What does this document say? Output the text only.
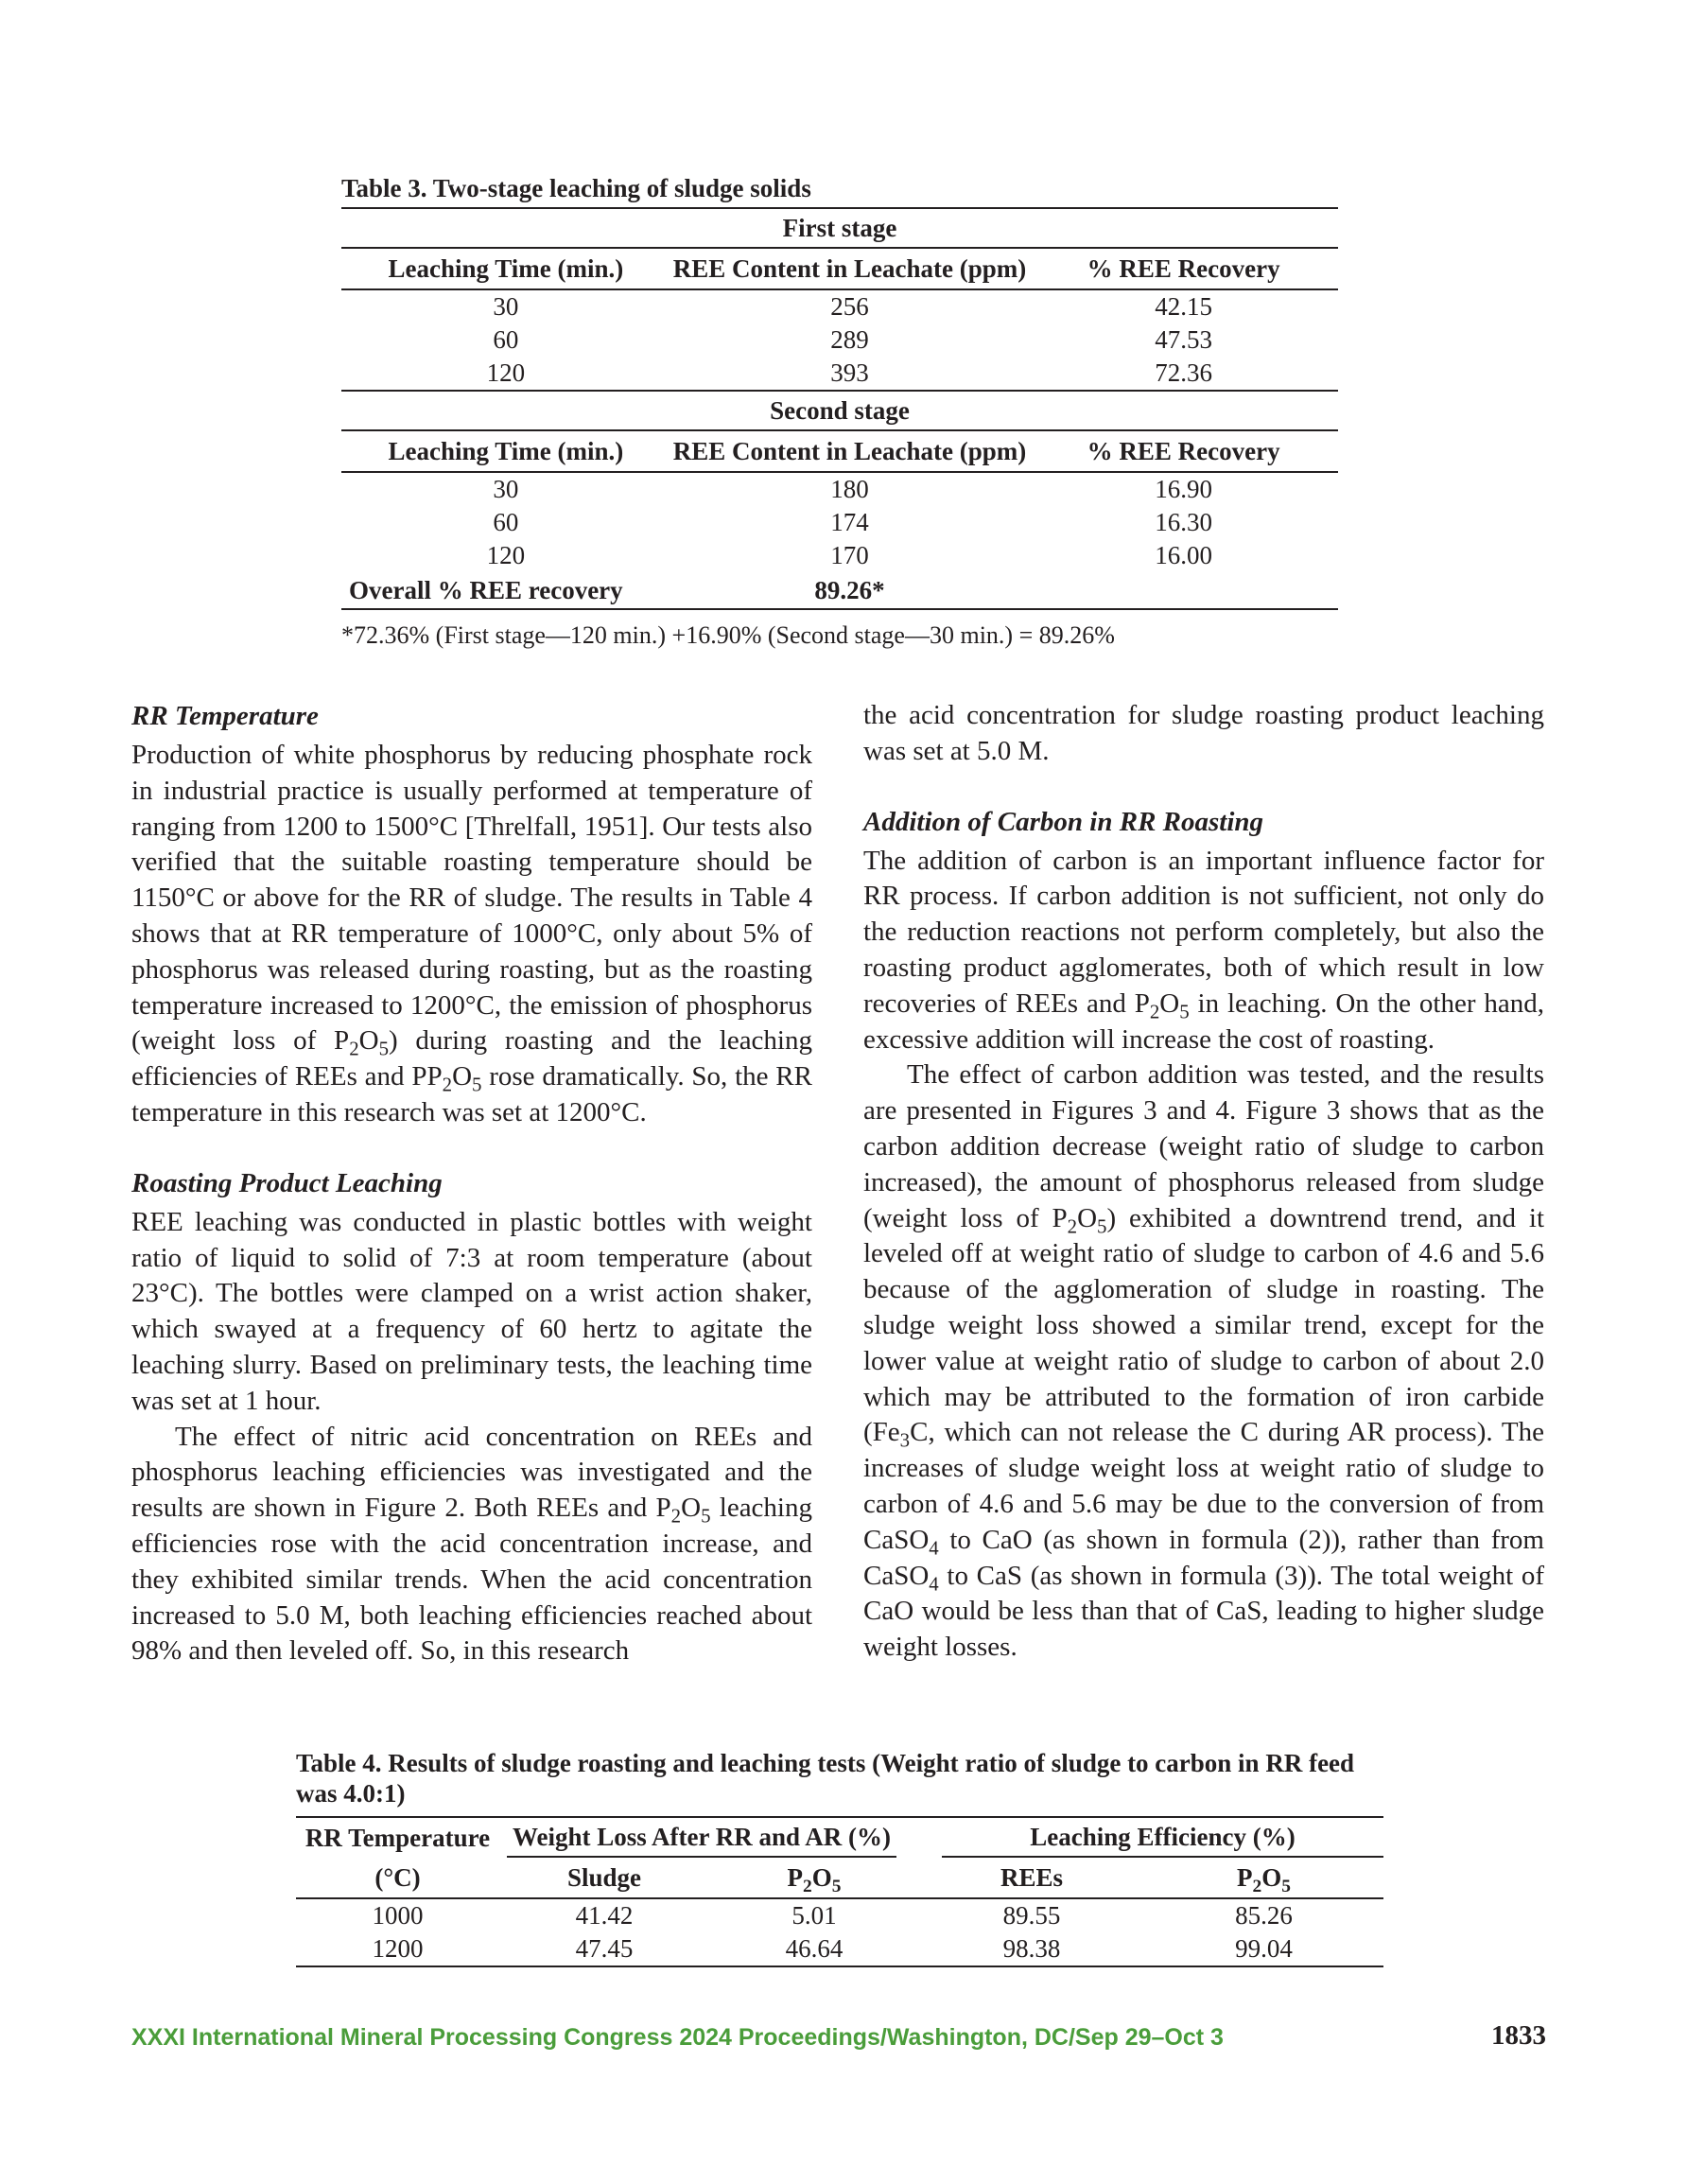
Table 3. Two-stage leaching of sludge solids
First stage		
Leaching Time (min.)	REE Content in Leachate (ppm)	% REE Recovery
30	256	42.15
60	289	47.53
120	393	72.36
Second stage		
Leaching Time (min.)	REE Content in Leachate (ppm)	% REE Recovery
30	180	16.90
60	174	16.30
120	170	16.00
Overall % REE recovery	89.26*	
*72.36% (First stage—120 min.) +16.90% (Second stage—30 min.) = 89.26%
RR Temperature

Production of white phosphorus by reducing phosphate rock in industrial practice is usually performed at temperature of ranging from 1200 to 1500°C [Threlfall, 1951]. Our tests also verified that the suitable roasting temperature should be 1150°C or above for the RR of sludge. The results in Table 4 shows that at RR temperature of 1000°C, only about 5% of phosphorus was released during roasting, but as the roasting temperature increased to 1200°C, the emission of phosphorus (weight loss of $P_2O_5$) during roasting and the leaching efficiencies of REEs and $PP_2O_5$ rose dramatically. So, the RR temperature in this research was set at 1200°C.

Roasting Product Leaching

REE leaching was conducted in plastic bottles with weight ratio of liquid to solid of 7:3 at room temperature (about 23°C). The bottles were clamped on a wrist action shaker, which swayed at a frequency of 60 hertz to agitate the leaching slurry. Based on preliminary tests, the leaching time was set at 1 hour.

The effect of nitric acid concentration on REEs and phosphorus leaching efficiencies was investigated and the results are shown in Figure 2. Both REEs and $P_2O_5$ leaching efficiencies rose with the acid concentration increase, and they exhibited similar trends. When the acid concentration increased to 5.0 M, both leaching efficiencies reached about 98% and then leveled off. So, in this research

the acid concentration for sludge roasting product leaching was set at 5.0 M.

Addition of Carbon in RR Roasting

The addition of carbon is an important influence factor for RR process. If carbon addition is not sufficient, not only do the reduction reactions not perform completely, but also the roasting product agglomerates, both of which result in low recoveries of REEs and $P_2O_5$ in leaching. On the other hand, excessive addition will increase the cost of roasting.

The effect of carbon addition was tested, and the results are presented in Figures 3 and 4. Figure 3 shows that as the carbon addition decrease (weight ratio of sludge to carbon increased), the amount of phosphorus released from sludge (weight loss of $P_2O_5$) exhibited a downtrend trend, and it leveled off at weight ratio of sludge to carbon of 4.6 and 5.6 because of the agglomeration of sludge in roasting. The sludge weight loss showed a similar trend, except for the lower value at weight ratio of sludge to carbon of about 2.0 which may be attributed to the formation of iron carbide ($Fe_3C$, which can not release the C during AR process). The increases of sludge weight loss at weight ratio of sludge to carbon of 4.6 and 5.6 may be due to the conversion of from CaSO$_4$ to CaO (as shown in formula (2)), rather than from CaSO$_4$ to CaS (as shown in formula (3)). The total weight of CaO would be less than that of CaS, leading to higher sludge weight losses.

Table 4. Results of sludge roasting and leaching tests (Weight ratio of sludge to carbon in RR feed was 4.0:1)
RR Temperature	Weight Loss After RR and AR (%)		Leaching Efficiency (%)	

(°C)	Sludge	$P_2O_5$	REEs	$P_2O_5$
1000	41.42	5.01	89.55	85.26
1200	47.45	46.64	98.38	99.04
XXXI International Mineral Processing Congress 2024 Proceedings/Washington, DC/Sep 29–Oct 3	1833
